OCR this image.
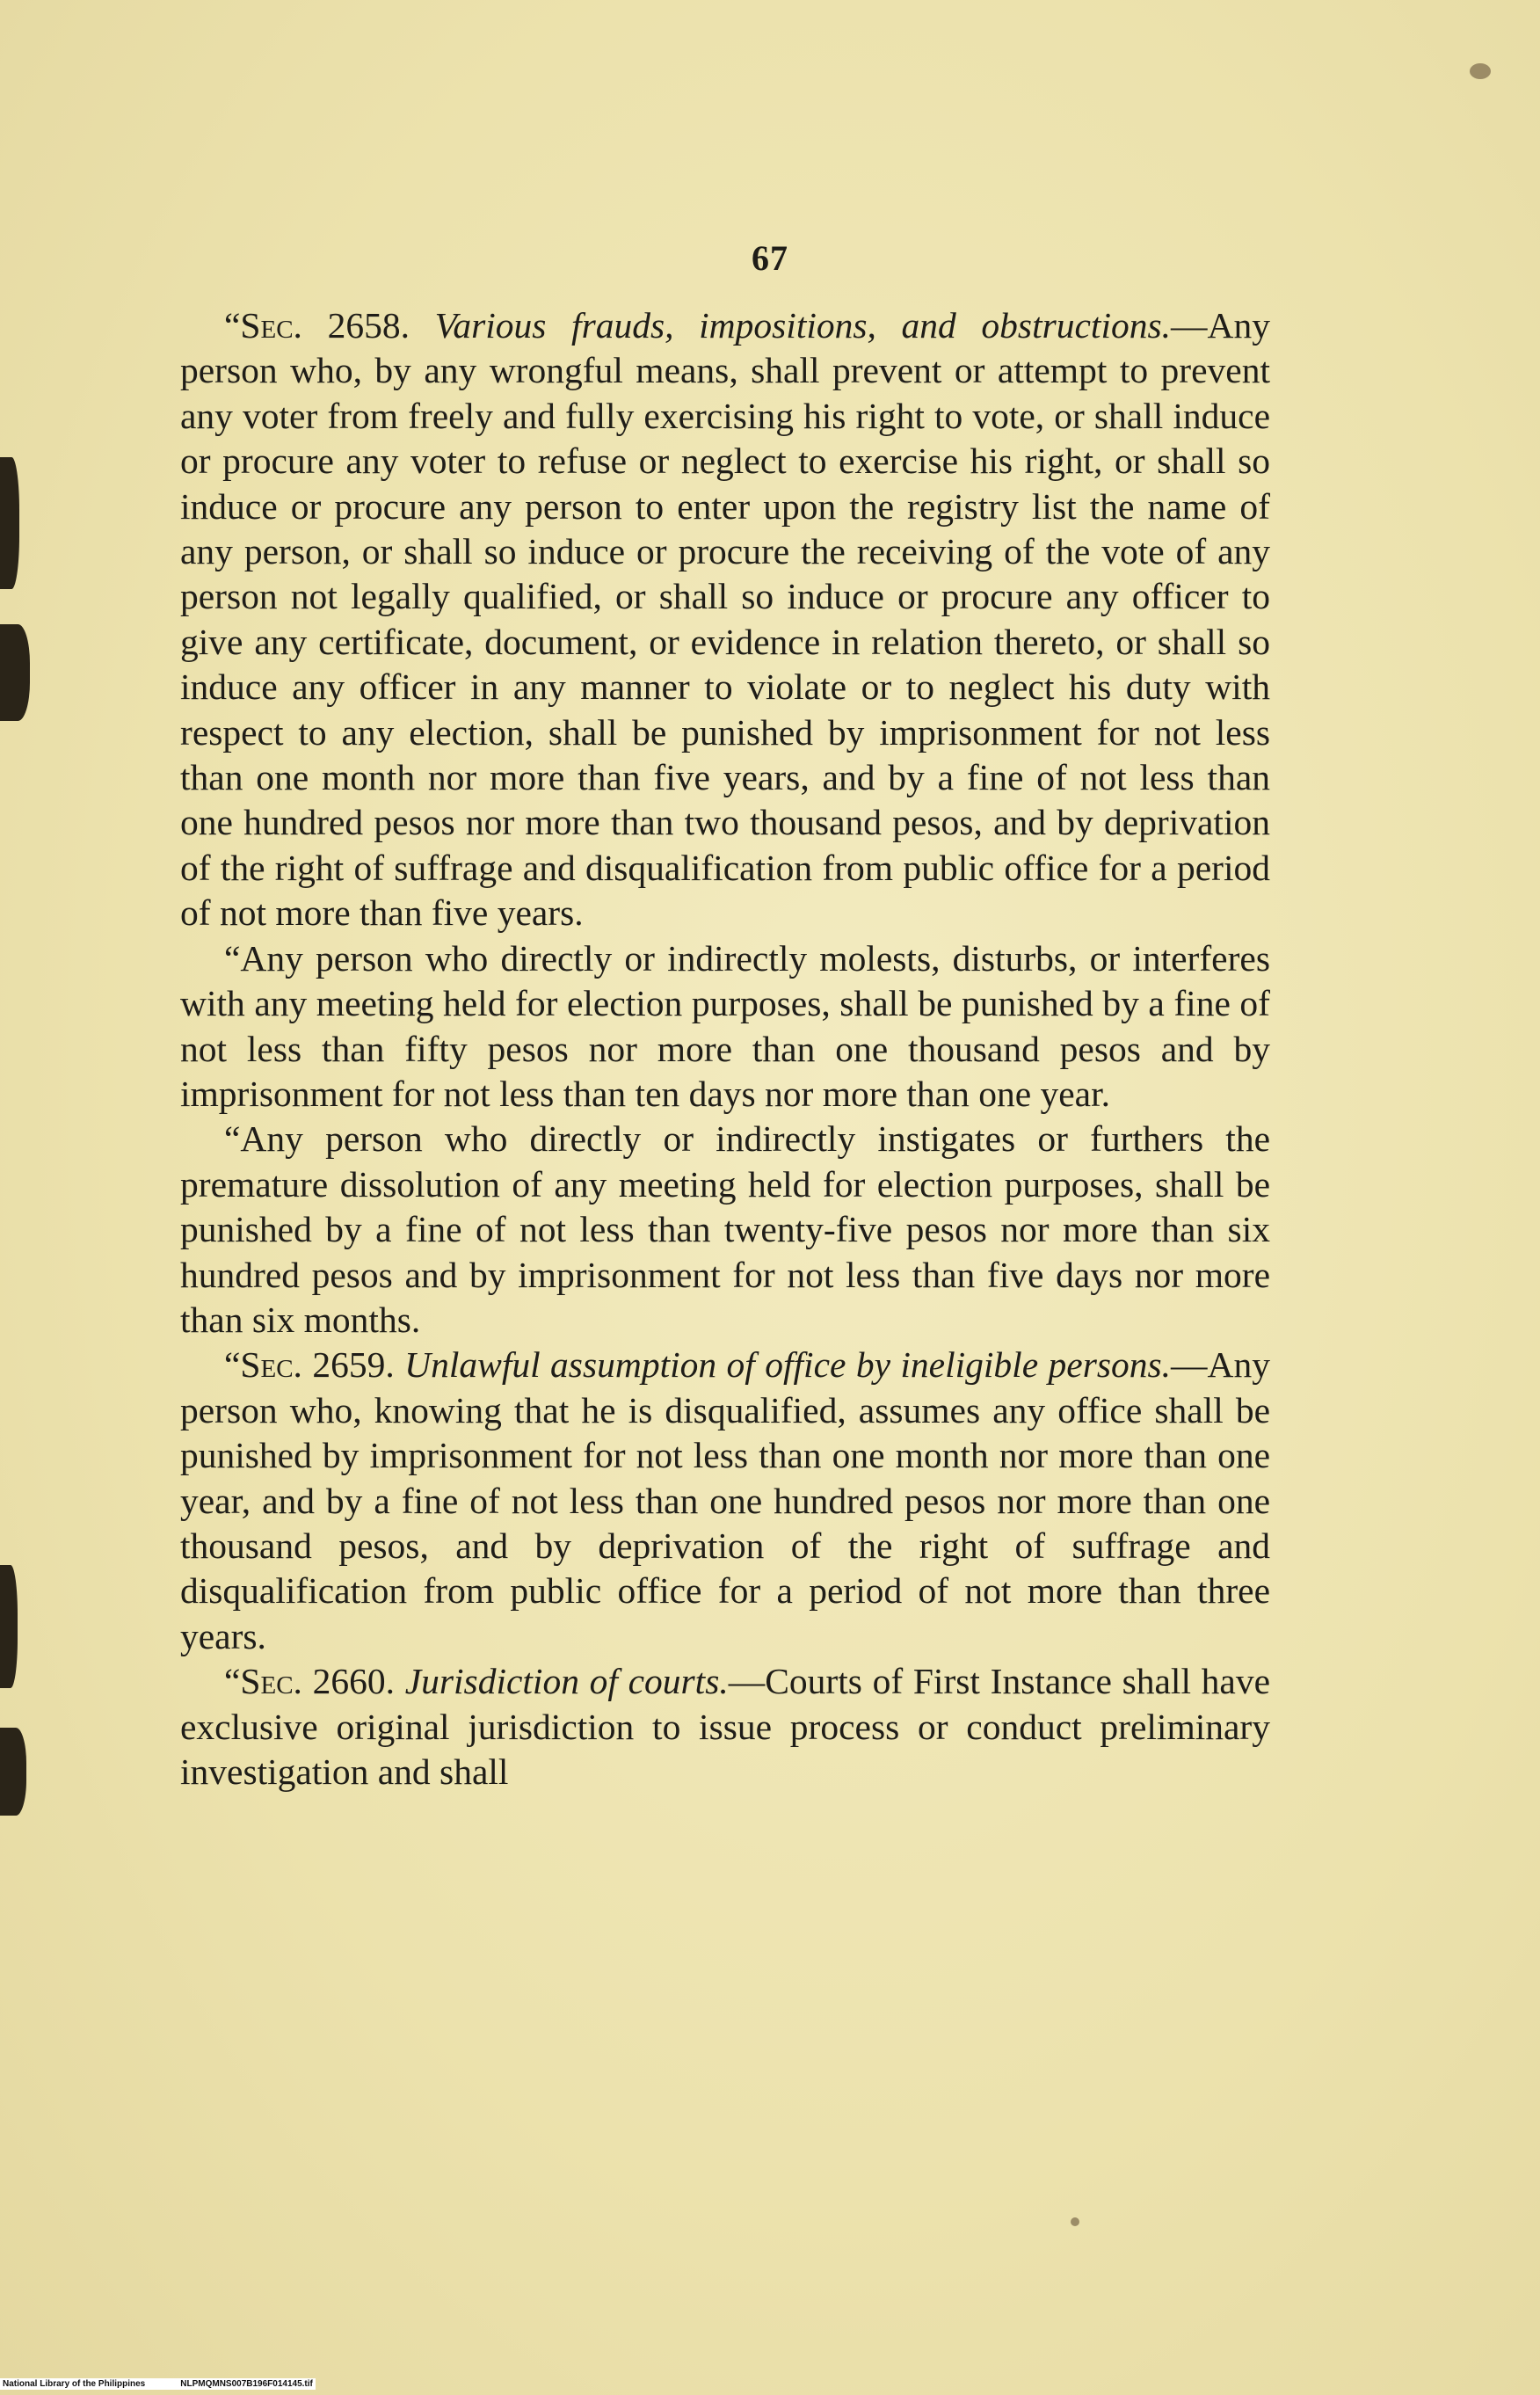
67

“Sec. 2658. Various frauds, impositions, and obstructions.—Any person who, by any wrongful means, shall prevent or attempt to prevent any voter from freely and fully exercising his right to vote, or shall induce or procure any voter to refuse or neglect to exercise his right, or shall so induce or procure any person to enter upon the registry list the name of any person, or shall so induce or procure the receiving of the vote of any person not legally qualified, or shall so induce or procure any officer to give any certificate, document, or evidence in relation thereto, or shall so induce any officer in any manner to violate or to neglect his duty with respect to any election, shall be punished by imprisonment for not less than one month nor more than five years, and by a fine of not less than one hundred pesos nor more than two thousand pesos, and by deprivation of the right of suffrage and disqualification from public office for a period of not more than five years.

“Any person who directly or indirectly molests, disturbs, or interferes with any meeting held for election purposes, shall be punished by a fine of not less than fifty pesos nor more than one thousand pesos and by imprisonment for not less than ten days nor more than one year.

“Any person who directly or indirectly instigates or furthers the premature dissolution of any meeting held for election purposes, shall be punished by a fine of not less than twenty-five pesos nor more than six hundred pesos and by imprisonment for not less than five days nor more than six months.

“Sec. 2659. Unlawful assumption of office by ineligible persons.—Any person who, knowing that he is disqualified, assumes any office shall be punished by imprisonment for not less than one month nor more than one year, and by a fine of not less than one hundred pesos nor more than one thousand pesos, and by deprivation of the right of suffrage and disqualification from public office for a period of not more than three years.

“Sec. 2660. Jurisdiction of courts.—Courts of First Instance shall have exclusive original jurisdiction to issue process or conduct preliminary investigation and shall

National Library of the Philippines	NLPMQMNS007B196F014145.tif
